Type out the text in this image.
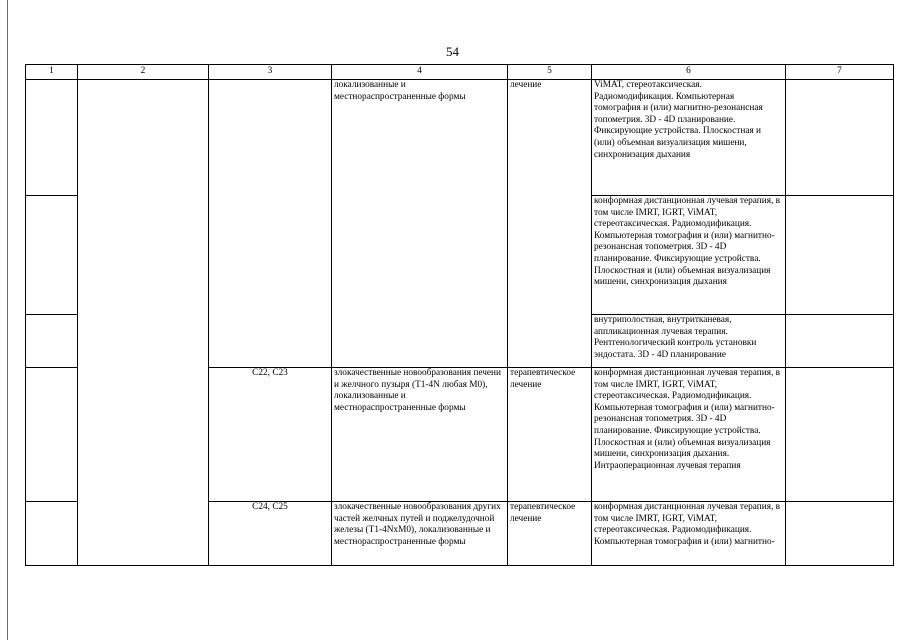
54
1	2	3	4	5	6	7
			локализованные и местнораспространенные формы	лечение	ViMAT, стереотаксическая. Радиомодификация. Компьютерная томография и (или) магнитно-резонансная топометрия. 3D - 4D планирование. Фиксирующие устройства. Плоскостная и (или) объемная визуализация мишени, синхронизация дыхания	
					конформная дистанционная лучевая терапия, в том числе IMRT, IGRT, ViMAT, стереотаксическая. Радиомодификация. Компьютерная томография и (или) магнитно-резонансная топометрия. 3D - 4D планирование. Фиксирующие устройства. Плоскостная и (или) объемная визуализация мишени, синхронизация дыхания	
					внутриполостная, внутритканевая, аппликационная лучевая терапия. Рентгенологический контроль установки эндостата. 3D - 4D планирование	
		C22, C23	злокачественные новообразования печени и желчного пузыря (T1-4N любая M0), локализованные и местнораспространенные формы	терапевтическое лечение	конформная дистанционная лучевая терапия, в том числе IMRT, IGRT, ViMAT, стереотаксическая. Радиомодификация. Компьютерная томография и (или) магнитно-резонансная топометрия. 3D - 4D планирование. Фиксирующие устройства. Плоскостная и (или) объемная визуализация мишени, синхронизация дыхания. Интраоперационная лучевая терапия	
		C24, C25	злокачественные новообразования других частей желчных путей и поджелудочной железы (T1-4NxM0), локализованные и местнораспространенные формы	терапевтическое лечение	конформная дистанционная лучевая терапия, в том числе IMRT, IGRT, ViMAT, стереотаксическая. Радиомодификация. Компьютерная томография и (или) магнитно-	
